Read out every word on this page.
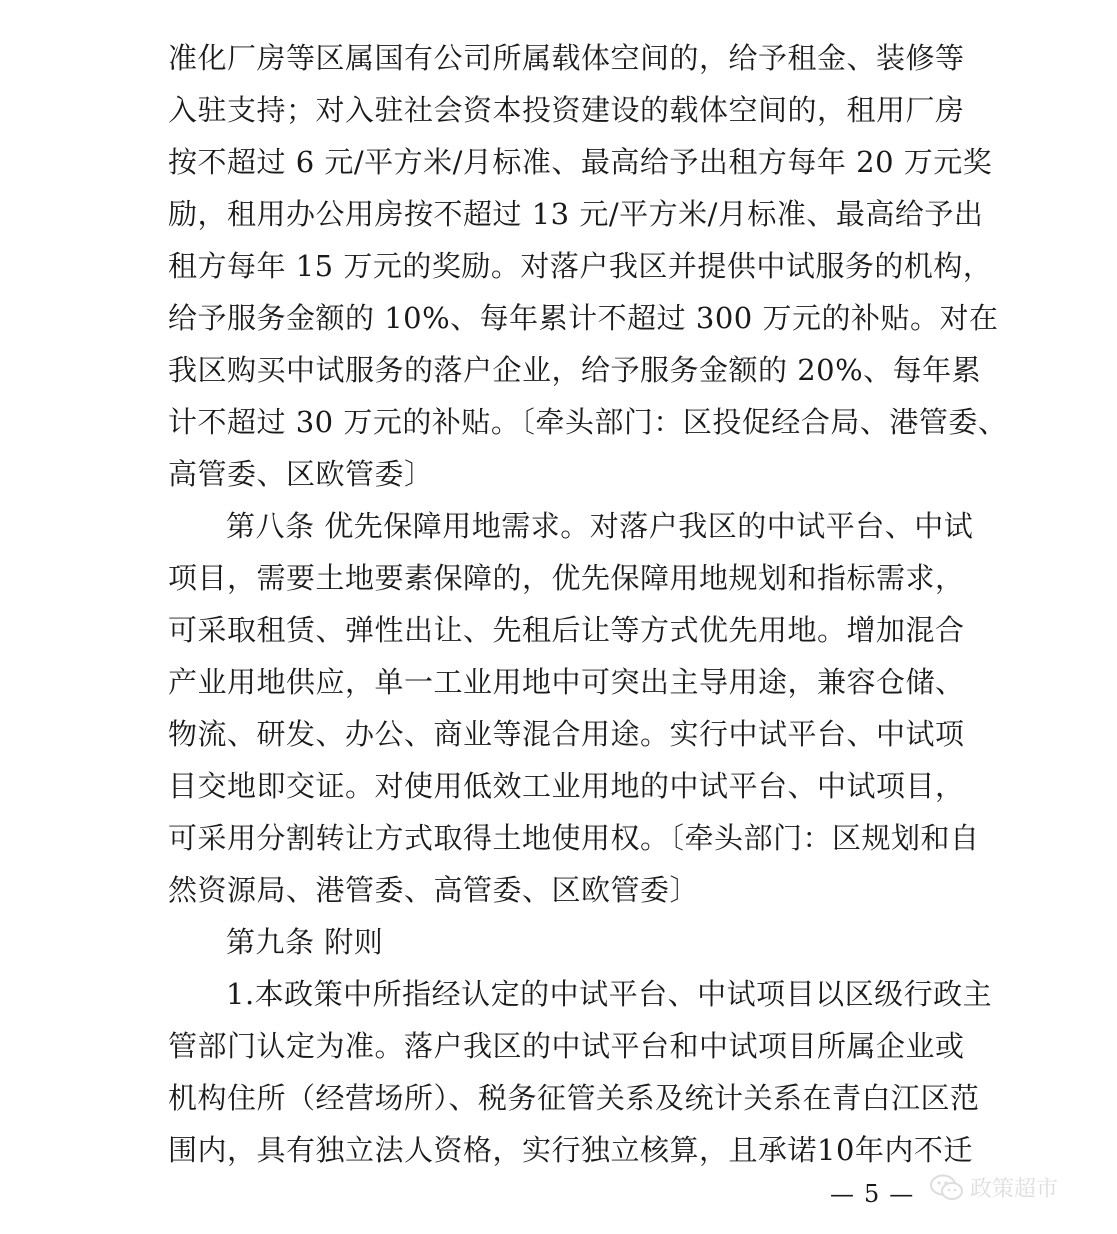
准化厂房等区属国有公司所属载体空间的，给予租金、装修等
入驻支持；对入驻社会资本投资建设的载体空间的，租用厂房
按不超过 6 元/平方米/月标准、最高给予出租方每年 20 万元奖
励，租用办公用房按不超过 13 元/平方米/月标准、最高给予出
租方每年 15 万元的奖励。对落户我区并提供中试服务的机构，
给予服务金额的 10%、每年累计不超过 300 万元的补贴。对在
我区购买中试服务的落户企业，给予服务金额的 20%、每年累
计不超过 30 万元的补贴。〔牵头部门：区投促经合局、港管委、
高管委、区欧管委〕
第八条 优先保障用地需求。对落户我区的中试平台、中试
项目，需要土地要素保障的，优先保障用地规划和指标需求，
可采取租赁、弹性出让、先租后让等方式优先用地。增加混合
产业用地供应，单一工业用地中可突出主导用途，兼容仓储、
物流、研发、办公、商业等混合用途。实行中试平台、中试项
目交地即交证。对使用低效工业用地的中试平台、中试项目，
可采用分割转让方式取得土地使用权。〔牵头部门：区规划和自
然资源局、港管委、高管委、区欧管委〕
第九条 附则
1.本政策中所指经认定的中试平台、中试项目以区级行政主
管部门认定为准。落户我区的中试平台和中试项目所属企业或
机构住所（经营场所）、税务征管关系及统计关系在青白江区范
围内，具有独立法人资格，实行独立核算，且承诺10年内不迁
— 5 —	政策超市
